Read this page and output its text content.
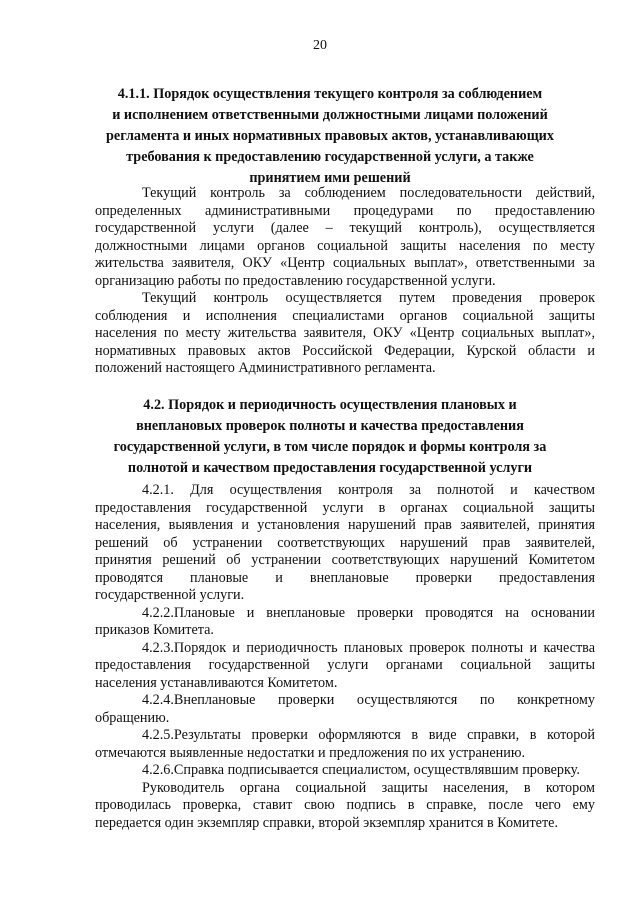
20
4.1.1. Порядок осуществления текущего контроля за соблюдением
и исполнением ответственными должностными лицами положений
регламента и иных нормативных правовых актов, устанавливающих
требования к предоставлению государственной услуги, а также
принятием ими решений
Текущий контроль за соблюдением последовательности действий,
определенных административными процедурами по предоставлению
государственной услуги (далее – текущий контроль), осуществляется
должностными лицами органов социальной защиты населения по месту
жительства заявителя, ОКУ «Центр социальных выплат», ответственными за
организацию работы по предоставлению государственной услуги.
Текущий контроль осуществляется путем проведения проверок
соблюдения и исполнения специалистами органов социальной защиты
населения по месту жительства заявителя, ОКУ «Центр социальных выплат»,
нормативных правовых актов Российской Федерации, Курской области и
положений настоящего Административного регламента.
4.2. Порядок и периодичность осуществления плановых и
внеплановых проверок полноты и качества предоставления
государственной услуги, в том числе порядок и формы контроля за
полнотой и качеством предоставления государственной услуги
4.2.1. Для осуществления контроля за полнотой и качеством
предоставления государственной услуги в органах социальной защиты
населения, выявления и установления нарушений прав заявителей, принятия
решений об устранении соответствующих нарушений прав заявителей,
принятия решений об устранении соответствующих нарушений Комитетом
проводятся плановые и внеплановые проверки предоставления
государственной услуги.
4.2.2.Плановые и внеплановые проверки проводятся на основании
приказов Комитета.
4.2.3.Порядок и периодичность плановых проверок полноты и качества
предоставления государственной услуги органами социальной защиты
населения устанавливаются Комитетом.
4.2.4.Внеплановые проверки осуществляются по конкретному
обращению.
4.2.5.Результаты проверки оформляются в виде справки, в которой
отмечаются выявленные недостатки и предложения по их устранению.
4.2.6.Справка подписывается специалистом, осуществлявшим проверку.
Руководитель органа социальной защиты населения, в котором
проводилась проверка, ставит свою подпись в справке, после чего ему
передается один экземпляр справки, второй экземпляр хранится в Комитете.
